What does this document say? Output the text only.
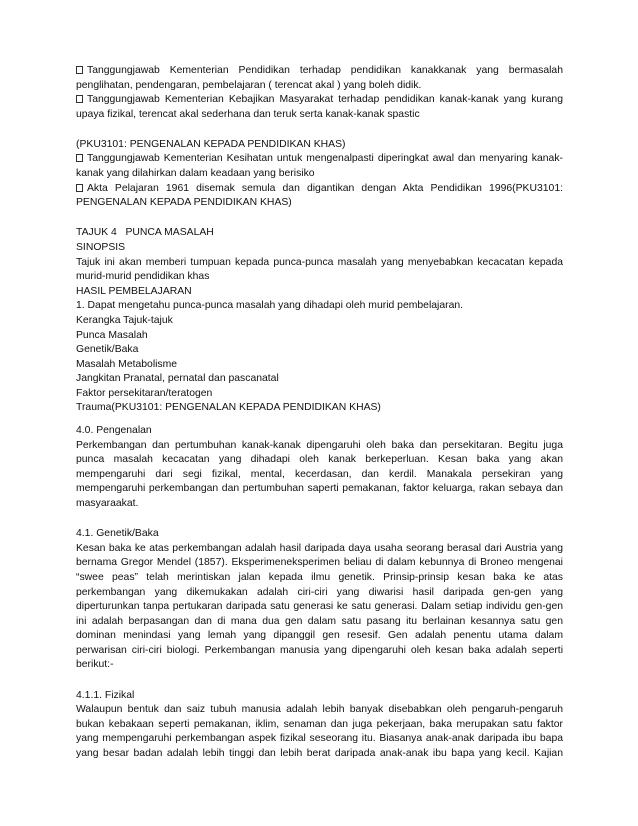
Tanggungjawab Kementerian Pendidikan terhadap pendidikan kanakkanak yang bermasalah

penglihatan, pendengaran, pembelajaran ( terencat akal ) yang boleh didik.

Tanggungjawab Kementerian Kebajikan Masyarakat terhadap pendidikan kanak-kanak yang kurang

upaya fizikal, terencat akal sederhana dan teruk serta kanak-kanak spastic

(PKU3101: PENGENALAN KEPADA PENDIDIKAN KHAS)

Tanggungjawab Kementerian Kesihatan untuk mengenalpasti diperingkat awal dan menyaring kanak-

kanak yang dilahirkan dalam keadaan yang berisiko

Akta Pelajaran 1961 disemak semula dan digantikan dengan Akta Pendidikan 1996(PKU3101:

PENGENALAN KEPADA PENDIDIKAN KHAS)

TAJUK 4   PUNCA MASALAH

SINOPSIS

Tajuk ini akan memberi tumpuan kepada punca-punca masalah yang menyebabkan kecacatan kepada

murid-murid pendidikan khas

HASIL PEMBELAJARAN

1. Dapat mengetahu punca-punca masalah yang dihadapi oleh murid pembelajaran.

Kerangka Tajuk-tajuk

Punca Masalah

Genetik/Baka

Masalah Metabolisme

Jangkitan Pranatal, pernatal dan pascanatal

Faktor persekitaran/teratogen

Trauma(PKU3101: PENGENALAN KEPADA PENDIDIKAN KHAS)

4.0. Pengenalan

Perkembangan dan pertumbuhan kanak-kanak dipengaruhi oleh baka dan persekitaran. Begitu juga

punca masalah kecacatan yang dihadapi oleh kanak berkeperluan. Kesan baka yang akan

mempengaruhi dari segi fizikal, mental, kecerdasan, dan kerdil. Manakala persekiran yang

mempengaruhi perkembangan dan pertumbuhan saperti pemakanan, faktor keluarga, rakan sebaya dan

masyaraakat.

4.1. Genetik/Baka

Kesan baka ke atas perkembangan adalah hasil daripada daya usaha seorang berasal dari Austria yang

bernama Gregor Mendel (1857). Eksperimeneksperimen beliau di dalam kebunnya di Broneo mengenai

“swee peas” telah merintiskan jalan kepada ilmu genetik. Prinsip-prinsip kesan baka ke atas

perkembangan yang dikemukakan adalah ciri-ciri yang diwarisi hasil daripada gen-gen yang

diperturunkan tanpa pertukaran daripada satu generasi ke satu generasi. Dalam setiap individu gen-gen

ini adalah berpasangan dan di mana dua gen dalam satu pasang itu berlainan kesannya satu gen

dominan menindasi yang lemah yang dipanggil gen resesif. Gen adalah penentu utama dalam

perwarisan ciri-ciri biologi. Perkembangan manusia yang dipengaruhi oleh kesan baka adalah seperti

berikut:-

4.1.1. Fizikal

Walaupun bentuk dan saiz tubuh manusia adalah lebih banyak disebabkan oleh pengaruh-pengaruh

bukan kebakaan seperti pemakanan, iklim, senaman dan juga pekerjaan, baka merupakan satu faktor

yang mempengaruhi perkembangan aspek fizikal seseorang itu. Biasanya anak-anak daripada ibu bapa

yang besar badan adalah lebih tinggi dan lebih berat daripada anak-anak ibu bapa yang kecil. Kajian
